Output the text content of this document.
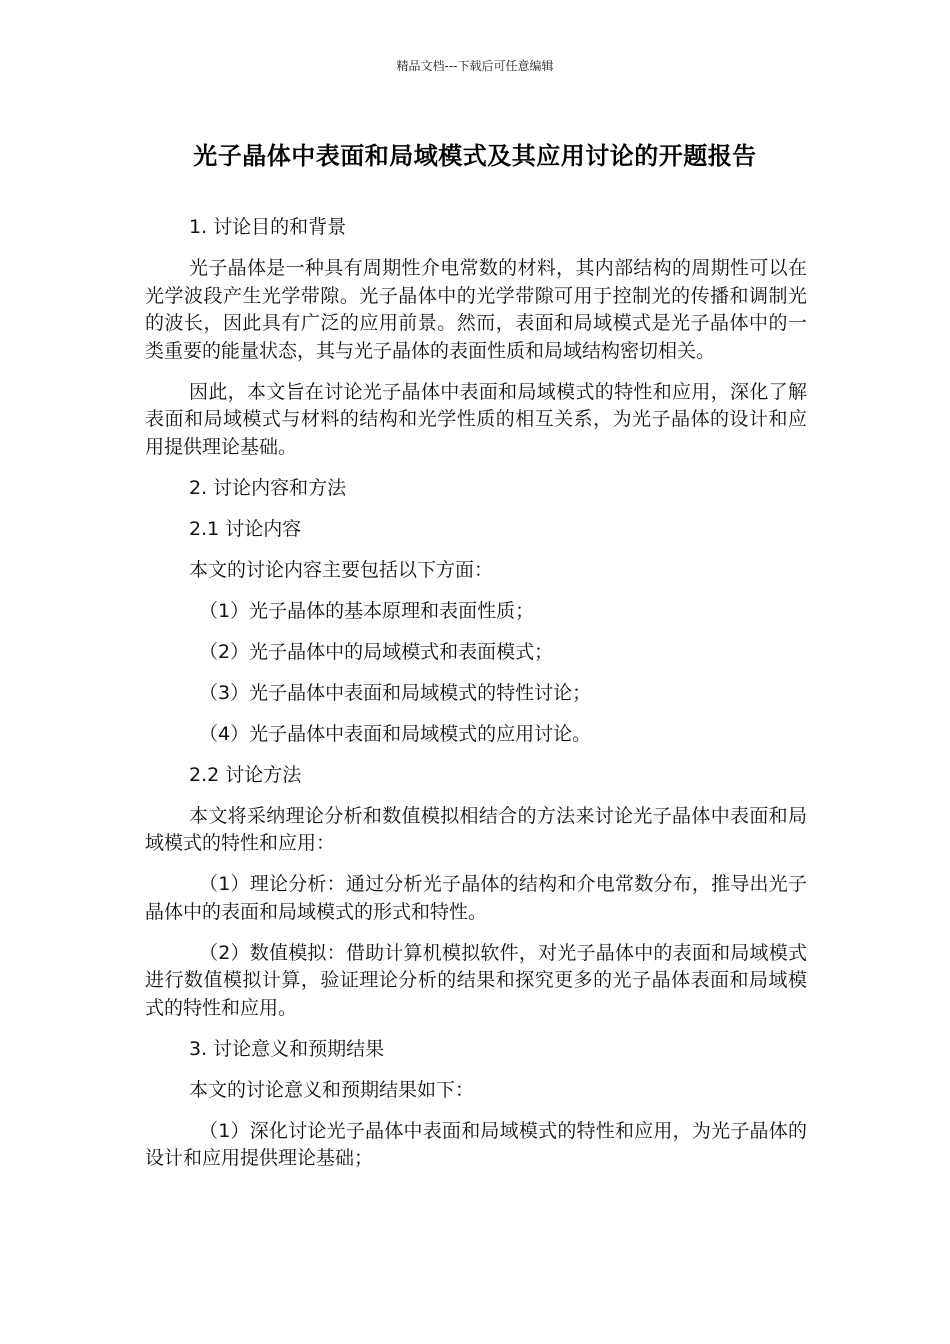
精品文档---下载后可任意编辑
光子晶体中表面和局域模式及其应用讨论的开题报告

1. 讨论目的和背景

光子晶体是一种具有周期性介电常数的材料，其内部结构的周期性可以在光学波段产生光学带隙。光子晶体中的光学带隙可用于控制光的传播和调制光的波长，因此具有广泛的应用前景。然而，表面和局域模式是光子晶体中的一类重要的能量状态，其与光子晶体的表面性质和局域结构密切相关。

因此，本文旨在讨论光子晶体中表面和局域模式的特性和应用，深化了解表面和局域模式与材料的结构和光学性质的相互关系，为光子晶体的设计和应用提供理论基础。

2. 讨论内容和方法

2.1 讨论内容

本文的讨论内容主要包括以下方面：

（1）光子晶体的基本原理和表面性质；

（2）光子晶体中的局域模式和表面模式；

（3）光子晶体中表面和局域模式的特性讨论；

（4）光子晶体中表面和局域模式的应用讨论。

2.2 讨论方法

本文将采纳理论分析和数值模拟相结合的方法来讨论光子晶体中表面和局域模式的特性和应用：

（1）理论分析：通过分析光子晶体的结构和介电常数分布，推导出光子晶体中的表面和局域模式的形式和特性。

（2）数值模拟：借助计算机模拟软件，对光子晶体中的表面和局域模式进行数值模拟计算，验证理论分析的结果和探究更多的光子晶体表面和局域模式的特性和应用。

3. 讨论意义和预期结果

本文的讨论意义和预期结果如下：

（1）深化讨论光子晶体中表面和局域模式的特性和应用，为光子晶体的设计和应用提供理论基础；
